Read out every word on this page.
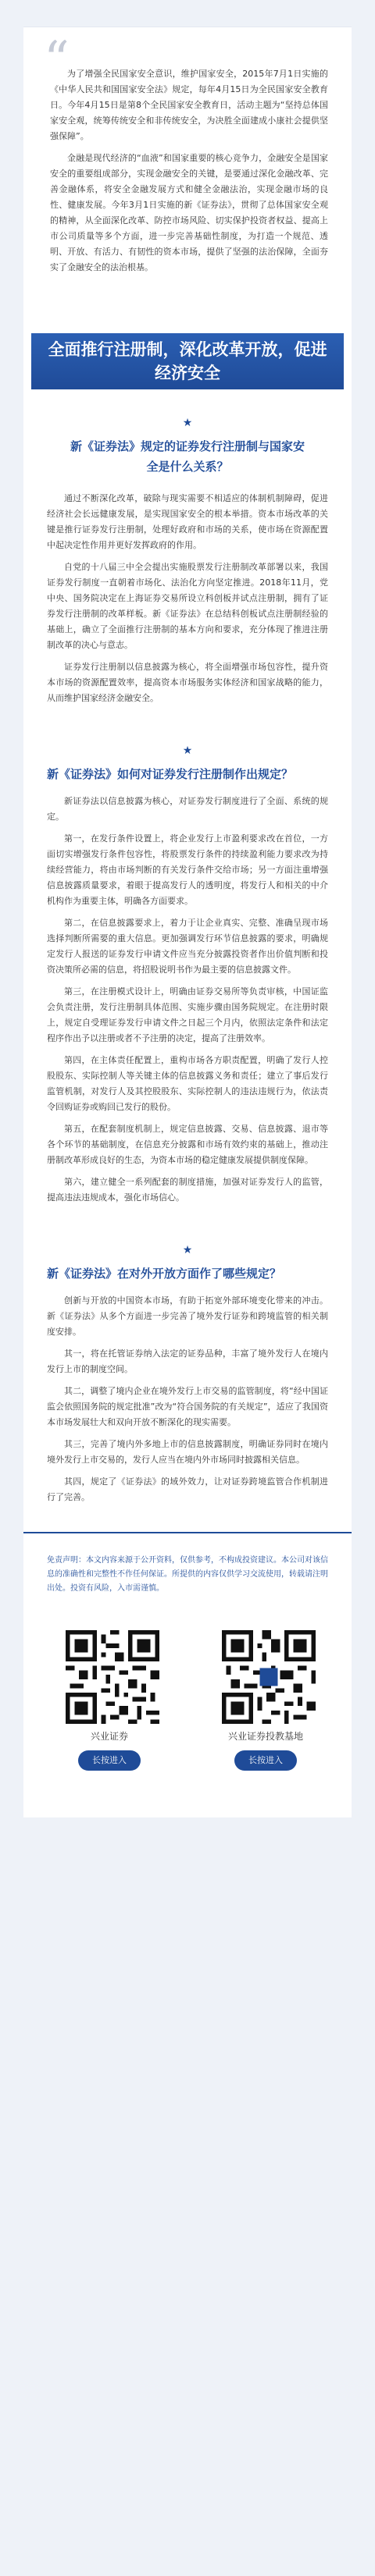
“

为了增强全民国家安全意识，维护国家安全，2015年7月1日实施的《中华人民共和国国家安全法》规定，每年4月15日为全民国家安全教育日。今年4月15日是第8个全民国家安全教育日，活动主题为“坚持总体国家安全观，统筹传统安全和非传统安全，为决胜全面建成小康社会提供坚强保障”。

金融是现代经济的“血液”和国家重要的核心竞争力，金融安全是国家安全的重要组成部分，实现金融安全的关键，是要通过深化金融改革、完善金融体系，将安全金融发展方式和健全金融法治，实现金融市场的良性、健康发展。今年3月1日实施的新《证券法》，贯彻了总体国家安全观的精神，从全面深化改革、防控市场风险、切实保护投资者权益、提高上市公司质量等多个方面，进一步完善基础性制度，为打造一个规范、透明、开放、有活力、有韧性的资本市场，提供了坚强的法治保障，全面夯实了金融安全的法治根基。

全面推行注册制，深化改革开放，促进经济安全
★
新《证券法》规定的证券发行注册制与国家安全是什么关系？

通过不断深化改革，破除与现实需要不相适应的体制机制障碍，促进经济社会长远健康发展，是实现国家安全的根本举措。资本市场改革的关键是推行证券发行注册制，处理好政府和市场的关系，使市场在资源配置中起决定性作用并更好发挥政府的作用。

自党的十八届三中全会提出实施股票发行注册制改革部署以来，我国证券发行制度一直朝着市场化、法治化方向坚定推进。2018年11月，党中央、国务院决定在上海证券交易所设立科创板并试点注册制，拥有了证券发行注册制的改革样板。新《证券法》在总结科创板试点注册制经验的基础上，确立了全面推行注册制的基本方向和要求，充分体现了推进注册制改革的决心与意志。

证券发行注册制以信息披露为核心，将全面增强市场包容性，提升资本市场的资源配置效率，提高资本市场服务实体经济和国家战略的能力，从而维护国家经济金融安全。

★
新《证券法》如何对证券发行注册制作出规定？

新证券法以信息披露为核心，对证券发行制度进行了全面、系统的规定。

第一，在发行条件设置上，将企业发行上市盈利要求改在首位，一方面切实增强发行条件包容性，将股票发行条件的持续盈利能力要求改为持续经营能力，将由市场判断的有关发行条件交给市场；另一方面注重增强信息披露质量要求，着眼于提高发行人的透明度，将发行人和相关的中介机构作为重要主体，明确各方面要求。

第二，在信息披露要求上，着力于让企业真实、完整、准确呈现市场选择判断所需要的重大信息。更加强调发行环节信息披露的要求，明确规定发行人报送的证券发行申请文件应当充分披露投资者作出价值判断和投资决策所必需的信息，将招股说明书作为最主要的信息披露文件。

第三，在注册模式设计上，明确由证券交易所等负责审核，中国证监会负责注册，发行注册制具体范围、实施步骤由国务院规定。在注册时限上，规定自受理证券发行申请文件之日起三个月内，依照法定条件和法定程序作出予以注册或者不予注册的决定，提高了注册效率。

第四，在主体责任配置上，重构市场各方职责配置，明确了发行人控股股东、实际控制人等关键主体的信息披露义务和责任；建立了事后发行监管机制，对发行人及其控股股东、实际控制人的违法违规行为，依法责令回购证券或购回已发行的股份。

第五，在配套制度机制上，规定信息披露、交易、信息披露、退市等各个环节的基础制度，在信息充分披露和市场有效约束的基础上，推动注册制改革形成良好的生态，为资本市场的稳定健康发展提供制度保障。

第六，建立健全一系列配套的制度措施，加强对证券发行人的监管，提高违法违规成本，强化市场信心。

★
新《证券法》在对外开放方面作了哪些规定？

创新与开放的中国资本市场，有助于拓宽外部环境变化带来的冲击。新《证券法》从多个方面进一步完善了境外发行证券和跨境监管的相关制度安排。

其一，将在托管证券纳入法定的证券品种，丰富了境外发行人在境内发行上市的制度空间。

其二，调整了境内企业在境外发行上市交易的监管制度，将“经中国证监会依照国务院的规定批准”改为“符合国务院的有关规定”，适应了我国资本市场发展壮大和双向开放不断深化的现实需要。

其三，完善了境内外多地上市的信息披露制度，明确证券同时在境内境外发行上市交易的，发行人应当在境内外市场同时披露相关信息。

其四，规定了《证券法》的域外效力，让对证券跨境监管合作机制进行了完善。

免责声明：本文内容来源于公开资料，仅供参考，不构成投资建议。本公司对该信息的准确性和完整性不作任何保证。所提供的内容仅供学习交流使用，转载请注明出处。投资有风险，入市需谨慎。
兴业证券
长按进入
兴业证券投教基地
长按进入
